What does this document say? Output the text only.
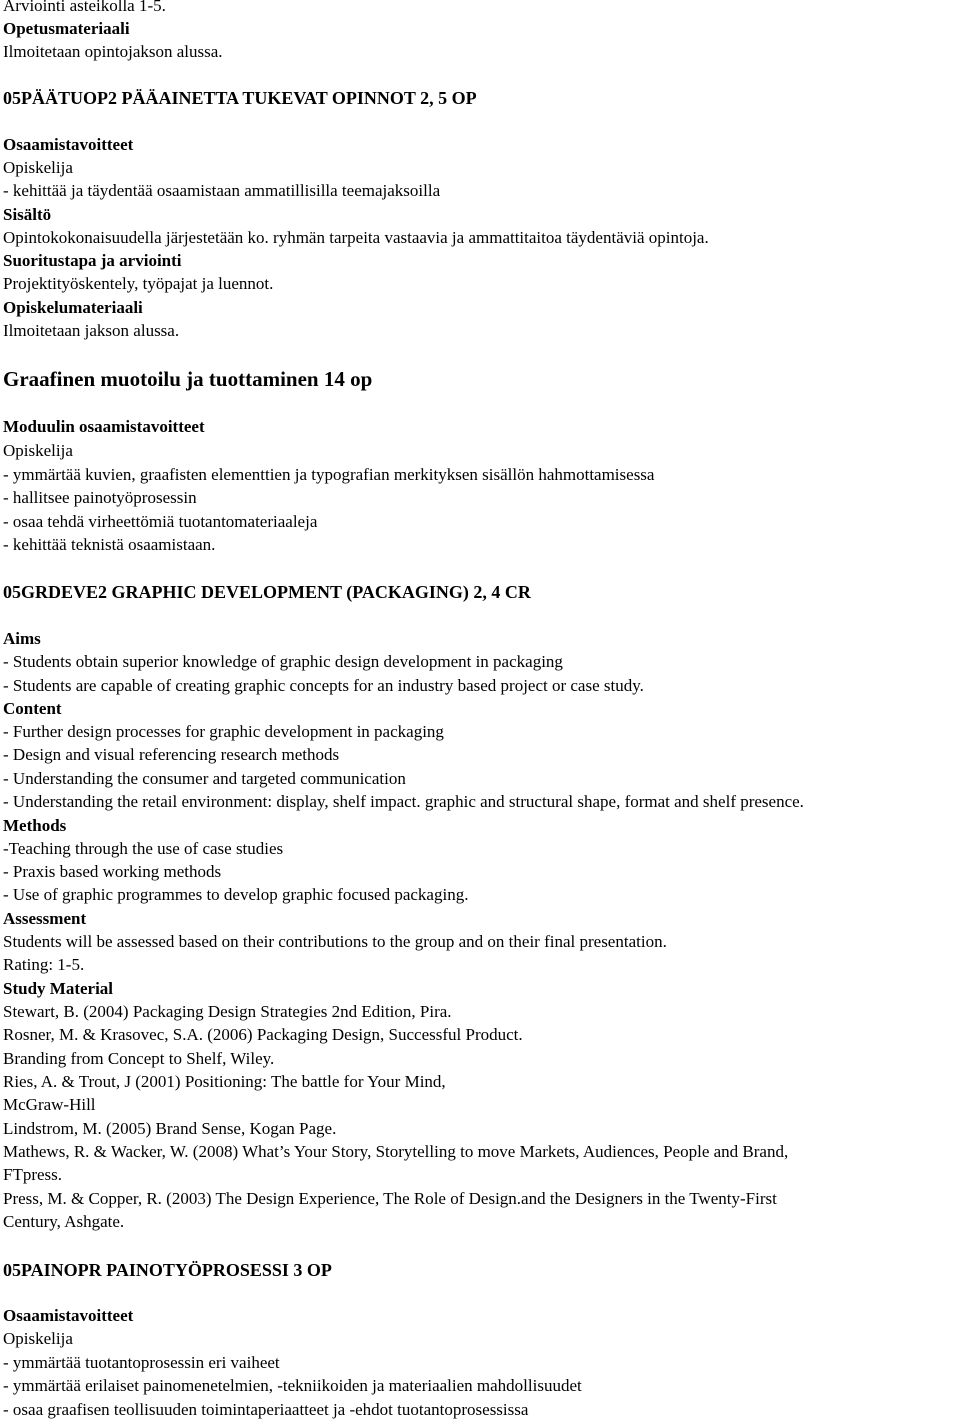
Arviointi asteikolla 1-5.
Opetusmateriaali
Ilmoitetaan opintojakson alussa.
05PÄÄTUOP2 PÄÄAINETTA TUKEVAT OPINNOT 2, 5 OP
Osaamistavoitteet
Opiskelija
- kehittää ja täydentää osaamistaan ammatillisilla teemajaksoilla
Sisältö
Opintokokonaisuudella järjestetään ko. ryhmän tarpeita vastaavia ja ammattitaitoa täydentäviä opintoja.
Suoritustapa ja arviointi
Projektityöskentely, työpajat ja luennot.
Opiskelumateriaali
Ilmoitetaan jakson alussa.
Graafinen muotoilu ja tuottaminen 14 op
Moduulin osaamistavoitteet
Opiskelija
- ymmärtää kuvien, graafisten elementtien ja typografian merkityksen sisällön hahmottamisessa
- hallitsee painotyöprosessin
- osaa tehdä virheettömiä tuotantomateriaaleja
- kehittää teknistä osaamistaan.
05GRDEVE2 GRAPHIC DEVELOPMENT (PACKAGING) 2, 4 CR
Aims
- Students obtain superior knowledge of graphic design development in packaging
- Students are capable of creating graphic concepts for an industry based project or case study.
Content
- Further design processes for graphic development in packaging
- Design and visual referencing research methods
- Understanding the consumer and targeted communication
- Understanding the retail environment: display, shelf impact. graphic and structural shape, format and shelf presence.
Methods
-Teaching through the use of case studies
- Praxis based working methods
- Use of graphic programmes to develop graphic focused packaging.
Assessment
Students will be assessed based on their contributions to the group and on their final presentation.
Rating: 1-5.
Study Material
Stewart, B. (2004) Packaging Design Strategies 2nd Edition, Pira.
Rosner, M. & Krasovec, S.A. (2006) Packaging Design, Successful Product.
Branding from Concept to Shelf, Wiley.
Ries, A. & Trout, J (2001) Positioning: The battle for Your Mind,
McGraw-Hill
Lindstrom, M. (2005) Brand Sense, Kogan Page.
Mathews, R. & Wacker, W. (2008) What’s Your Story, Storytelling to move Markets, Audiences, People and Brand,
FTpress.
Press, M. & Copper, R. (2003) The Design Experience, The Role of Design.and the Designers in the Twenty-First
Century, Ashgate.
05PAINOPR PAINOTYÖPROSESSI 3 OP
Osaamistavoitteet
Opiskelija
- ymmärtää tuotantoprosessin eri vaiheet
- ymmärtää erilaiset painomenetelmien, -tekniikoiden ja materiaalien mahdollisuudet
- osaa graafisen teollisuuden toimintaperiaatteet ja -ehdot tuotantoprosessissa
